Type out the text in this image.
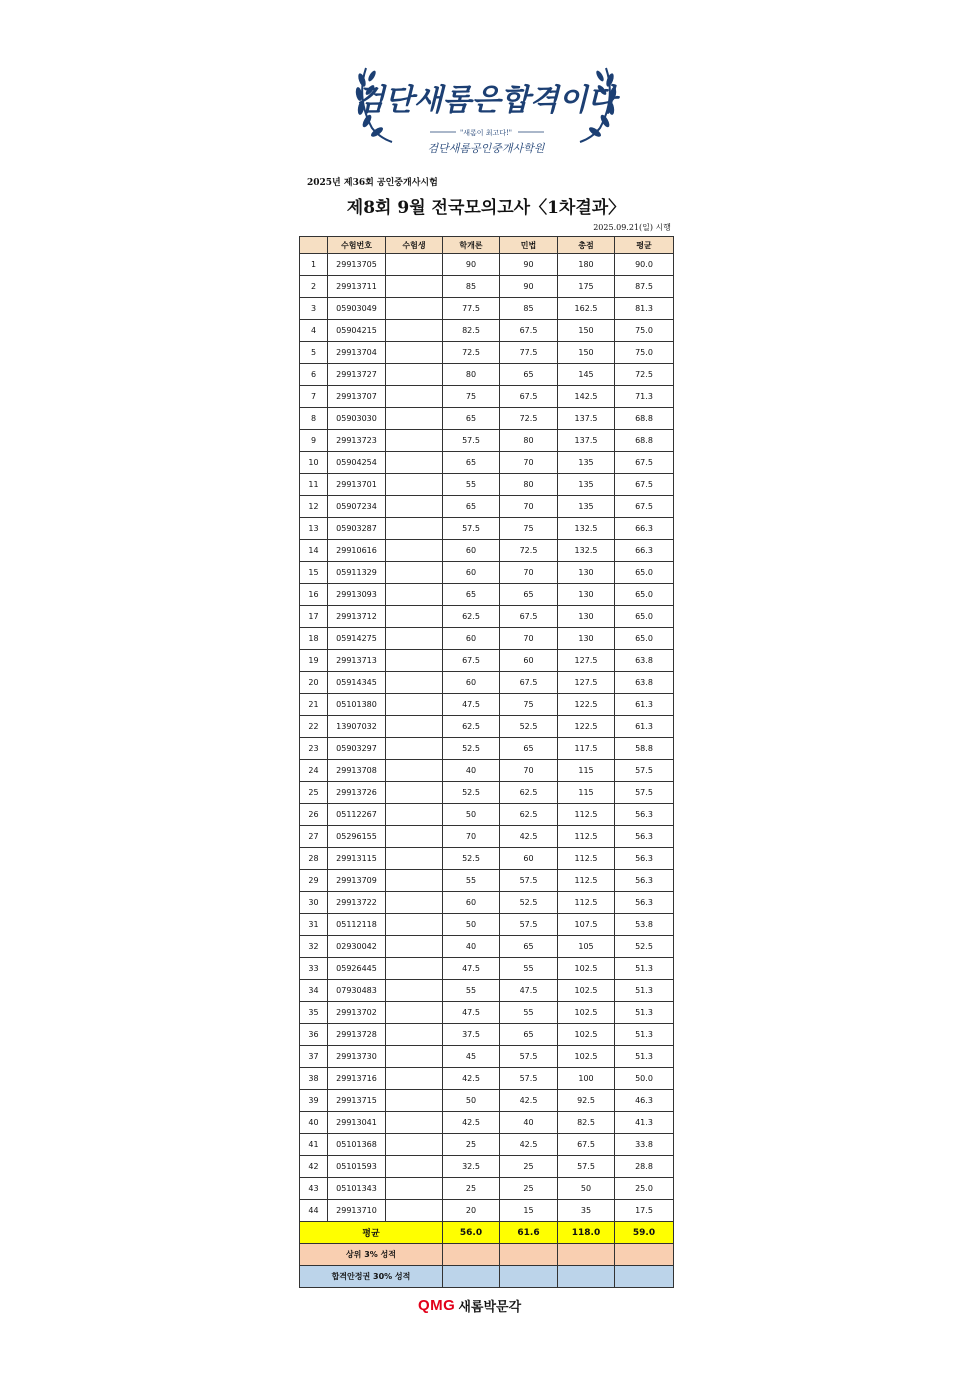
검단새롬은합격이다
"새롬이 최고다!"
검단새롬공인중개사학원
2025년 제36회 공인중개사시험
제8회 9월 전국모의고사〈1차결과〉
2025.09.21(일) 시행
	수험번호	수험생	학개론	민법	총점	평균
1	29913705		90	90	180	90.0
2	29913711		85	90	175	87.5
3	05903049		77.5	85	162.5	81.3
4	05904215		82.5	67.5	150	75.0
5	29913704		72.5	77.5	150	75.0
6	29913727		80	65	145	72.5
7	29913707		75	67.5	142.5	71.3
8	05903030		65	72.5	137.5	68.8
9	29913723		57.5	80	137.5	68.8
10	05904254		65	70	135	67.5
11	29913701		55	80	135	67.5
12	05907234		65	70	135	67.5
13	05903287		57.5	75	132.5	66.3
14	29910616		60	72.5	132.5	66.3
15	05911329		60	70	130	65.0
16	29913093		65	65	130	65.0
17	29913712		62.5	67.5	130	65.0
18	05914275		60	70	130	65.0
19	29913713		67.5	60	127.5	63.8
20	05914345		60	67.5	127.5	63.8
21	05101380		47.5	75	122.5	61.3
22	13907032		62.5	52.5	122.5	61.3
23	05903297		52.5	65	117.5	58.8
24	29913708		40	70	115	57.5
25	29913726		52.5	62.5	115	57.5
26	05112267		50	62.5	112.5	56.3
27	05296155		70	42.5	112.5	56.3
28	29913115		52.5	60	112.5	56.3
29	29913709		55	57.5	112.5	56.3
30	29913722		60	52.5	112.5	56.3
31	05112118		50	57.5	107.5	53.8
32	02930042		40	65	105	52.5
33	05926445		47.5	55	102.5	51.3
34	07930483		55	47.5	102.5	51.3
35	29913702		47.5	55	102.5	51.3
36	29913728		37.5	65	102.5	51.3
37	29913730		45	57.5	102.5	51.3
38	29913716		42.5	57.5	100	50.0
39	29913715		50	42.5	92.5	46.3
40	29913041		42.5	40	82.5	41.3
41	05101368		25	42.5	67.5	33.8
42	05101593		32.5	25	57.5	28.8
43	05101343		25	25	50	25.0
44	29913710		20	15	35	17.5
평균			56.0	61.6	118.0	59.0
상위 3% 성적						
합격안정권 30% 성적						
QMG 새롬박문각
